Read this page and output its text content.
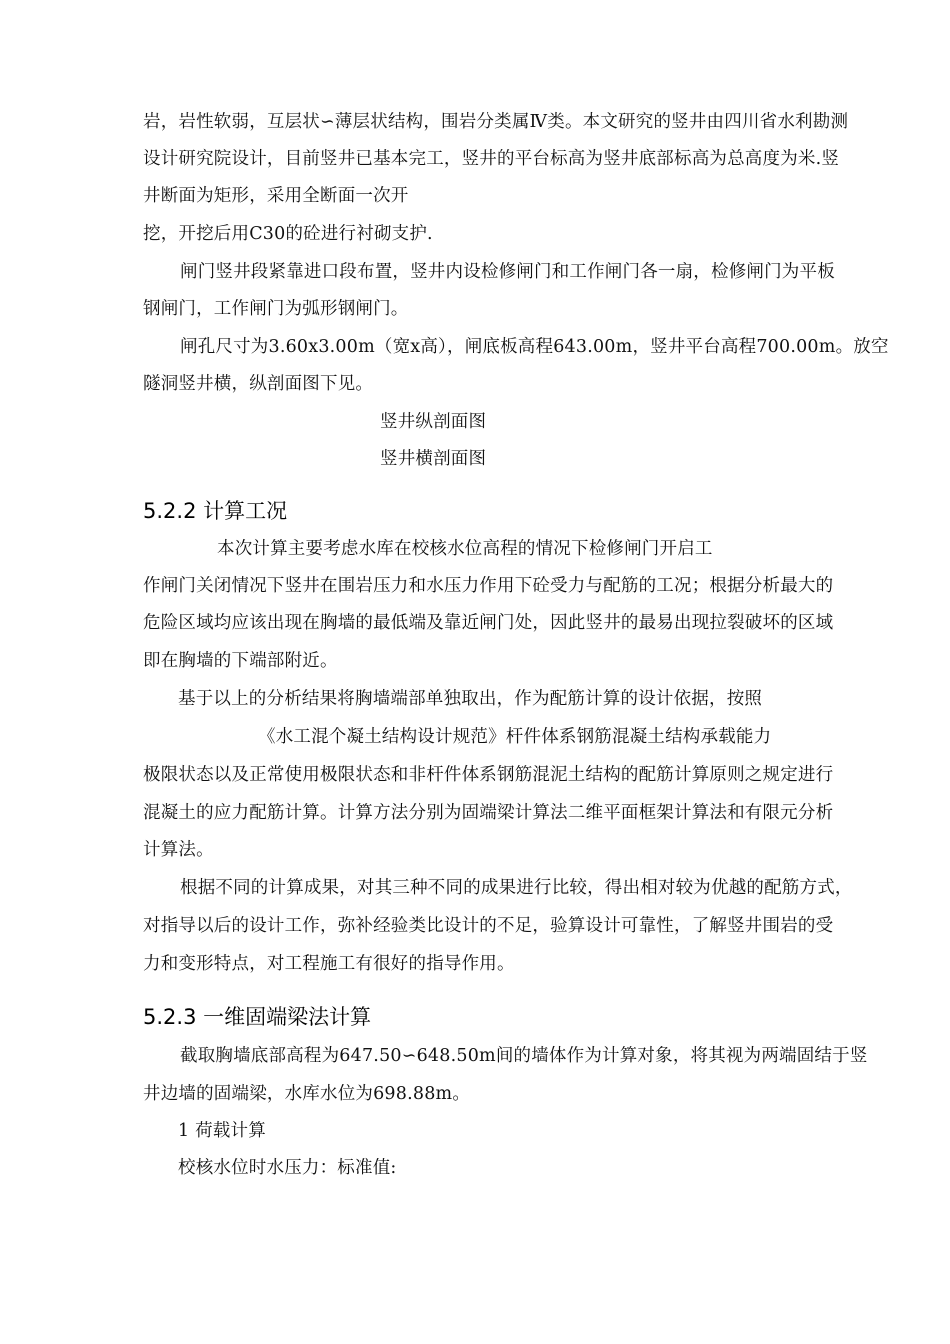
岩，岩性软弱，互层状∽薄层状结构，围岩分类属Ⅳ类。本文研究的竖井由四川省水利勘测
设计研究院设计，目前竖井已基本完工，竖井的平台标高为竖井底部标高为总高度为米.竖
井断面为矩形，采用全断面一次开
挖，开挖后用C30的砼进行衬砌支护.
闸门竖井段紧靠进口段布置，竖井内设检修闸门和工作闸门各一扇，检修闸门为平板
钢闸门，工作闸门为弧形钢闸门。
闸孔尺寸为3.60x3.00m（宽x高），闸底板高程643.00m，竖井平台高程700.00m。放空
隧洞竖井横，纵剖面图下见。
竖井纵剖面图
竖井横剖面图
5.2.2 计算工况
本次计算主要考虑水库在校核水位高程的情况下检修闸门开启工
作闸门关闭情况下竖井在围岩压力和水压力作用下砼受力与配筋的工况；根据分析最大的
危险区域均应该出现在胸墙的最低端及靠近闸门处，因此竖井的最易出现拉裂破坏的区域
即在胸墙的下端部附近。
基于以上的分析结果将胸墙端部单独取出，作为配筋计算的设计依据，按照
《水工混个凝土结构设计规范》杆件体系钢筋混凝土结构承载能力
极限状态以及正常使用极限状态和非杆件体系钢筋混泥土结构的配筋计算原则之规定进行
混凝土的应力配筋计算。计算方法分别为固端梁计算法二维平面框架计算法和有限元分析
计算法。
根据不同的计算成果，对其三种不同的成果进行比较，得出相对较为优越的配筋方式，
对指导以后的设计工作，弥补经验类比设计的不足，验算设计可靠性，了解竖井围岩的受
力和变形特点，对工程施工有很好的指导作用。
5.2.3 一维固端梁法计算
截取胸墙底部高程为647.50∽648.50m间的墙体作为计算对象，将其视为两端固结于竖
井边墙的固端梁，水库水位为698.88m。
1 荷载计算
校核水位时水压力：标准值:
